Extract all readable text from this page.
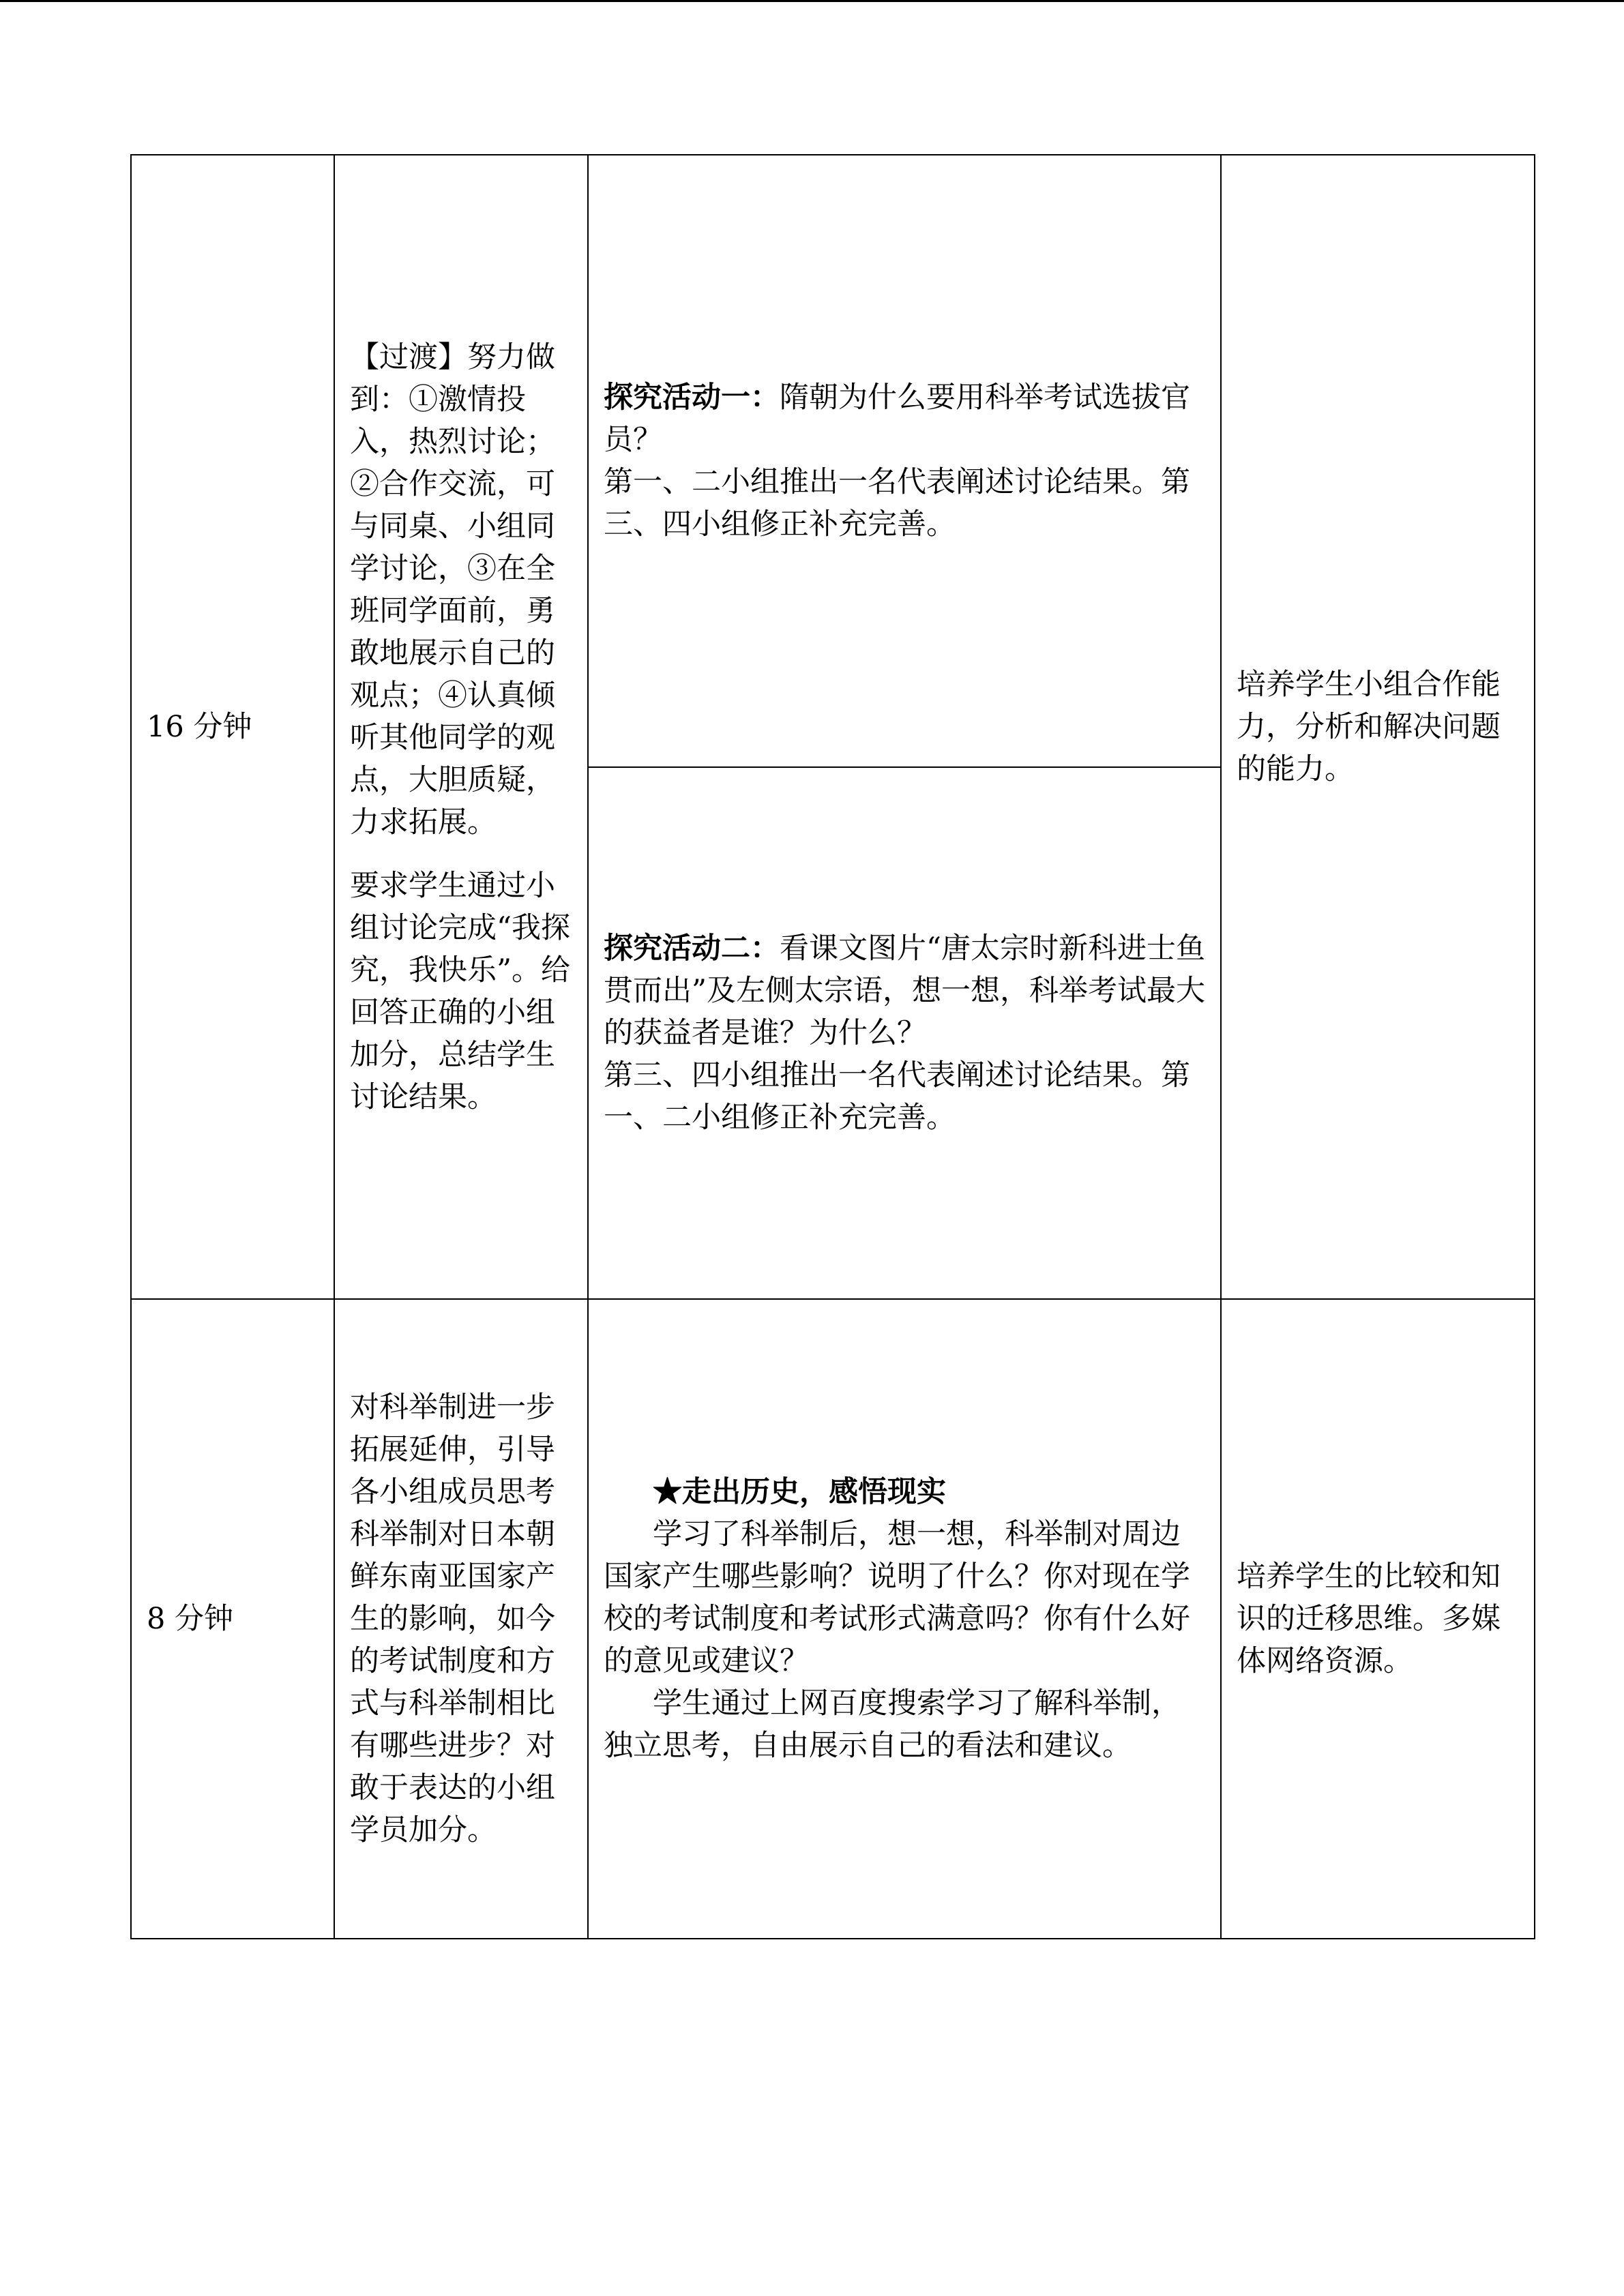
16 分钟	【过渡】努力做到：①激情投入，热烈讨论；②合作交流，可与同桌、小组同学讨论，③在全班同学面前，勇敢地展示自己的观点；④认真倾听其他同学的观点，大胆质疑，力求拓展。
要求学生通过小组讨论完成“我探究，我快乐”。给回答正确的小组加分，总结学生讨论结果。	探究活动一：隋朝为什么要用科举考试选拔官员？
第一、二小组推出一名代表阐述讨论结果。第三、四小组修正补充完善。	培养学生小组合作能力，分析和解决问题的能力。

		探究活动二：看课文图片“唐太宗时新科进士鱼贯而出”及左侧太宗语，想一想，科举考试最大的获益者是谁？为什么？
第三、四小组推出一名代表阐述讨论结果。第一、二小组修正补充完善。	

8 分钟	对科举制进一步拓展延伸，引导各小组成员思考科举制对日本朝鲜东南亚国家产生的影响，如今的考试制度和方式与科举制相比有哪些进步？对敢于表达的小组学员加分。	★走出历史，感悟现实
学习了科举制后，想一想，科举制对周边国家产生哪些影响？说明了什么？你对现在学校的考试制度和考试形式满意吗？你有什么好的意见或建议？
学生通过上网百度搜索学习了解科举制，独立思考，自由展示自己的看法和建议。	培养学生的比较和知识的迁移思维。多媒体网络资源。
